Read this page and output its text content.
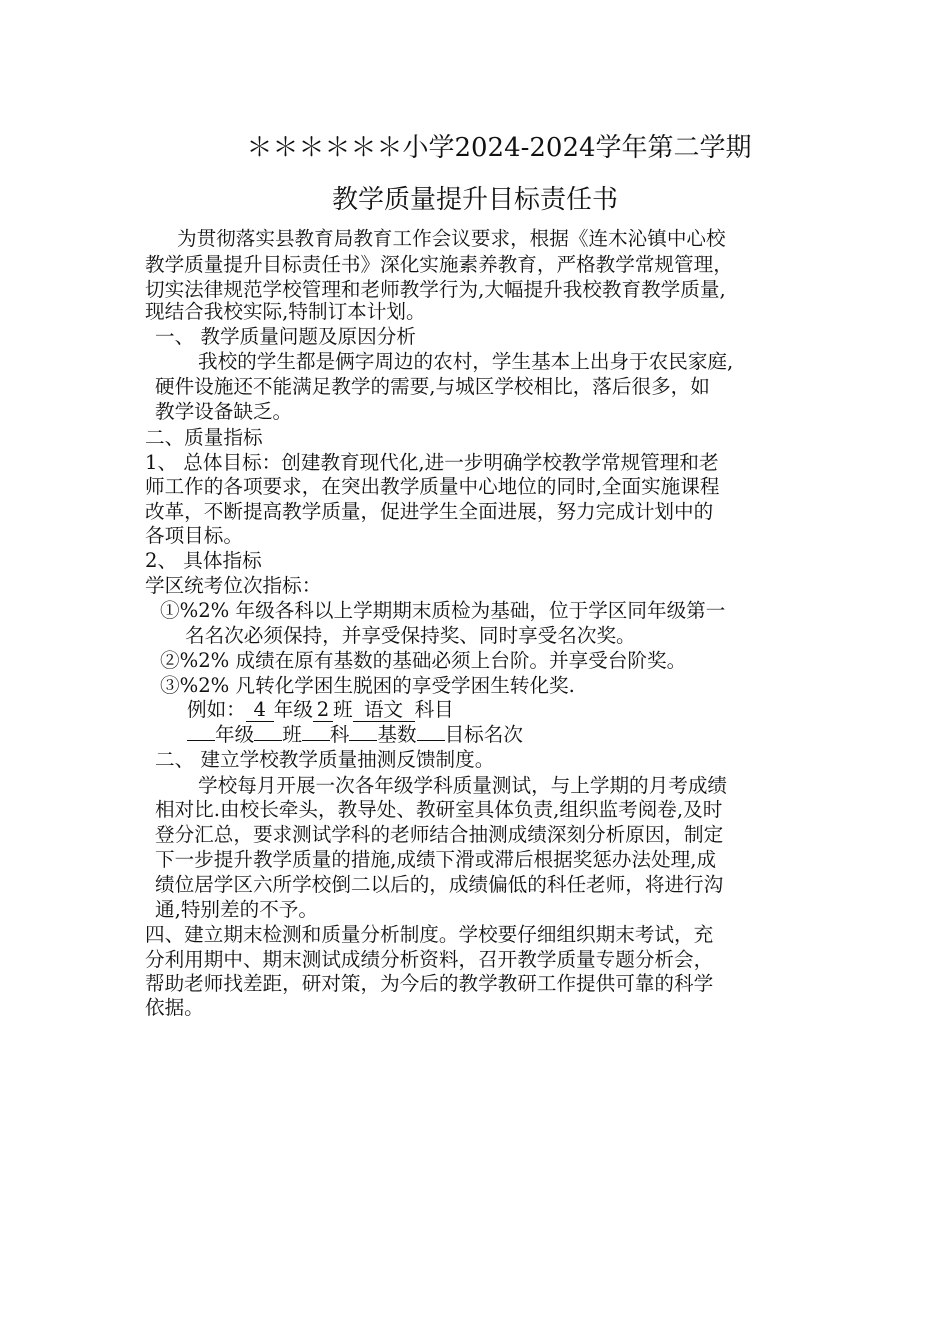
＊＊＊＊＊＊小学2024-2024学年第二学期
教学质量提升目标责任书
为贯彻落实县教育局教育工作会议要求，根据《连木沁镇中心校
教学质量提升目标责任书》深化实施素养教育，严格教学常规管理，
切实法律规范学校管理和老师教学行为,大幅提升我校教育教学质量,
现结合我校实际,特制订本计划。
一、 教学质量问题及原因分析
我校的学生都是俩字周边的农村，学生基本上出身于农民家庭,
硬件设施还不能满足教学的需要,与城区学校相比，落后很多，如
教学设备缺乏。
二、质量指标
1、 总体目标：创建教育现代化,进一步明确学校教学常规管理和老
师工作的各项要求，在突出教学质量中心地位的同时,全面实施课程
改革，不断提高教学质量，促进学生全面进展，努力完成计划中的
各项目标。
2、 具体指标
学区统考位次指标：
①%2% 年级各科以上学期期末质检为基础，位于学区同年级第一
名名次必须保持，并享受保持奖、同时享受名次奖。
②%2% 成绩在原有基数的基础必须上台阶。并享受台阶奖。
③%2% 凡转化学困生脱困的享受学困生转化奖.
例如： 4 年级 2 班 语文 科目
年级 班 科 基数 目标名次
二、 建立学校教学质量抽测反馈制度。
学校每月开展一次各年级学科质量测试，与上学期的月考成绩
相对比.由校长牵头，教导处、教研室具体负责,组织监考阅卷,及时
登分汇总，要求测试学科的老师结合抽测成绩深刻分析原因，制定
下一步提升教学质量的措施,成绩下滑或滞后根据奖惩办法处理,成
绩位居学区六所学校倒二以后的，成绩偏低的科任老师，将进行沟
通,特别差的不予。
四、建立期末检测和质量分析制度。学校要仔细组织期末考试，充
分利用期中、期末测试成绩分析资料，召开教学质量专题分析会，
帮助老师找差距，研对策，为今后的教学教研工作提供可靠的科学
依据。
